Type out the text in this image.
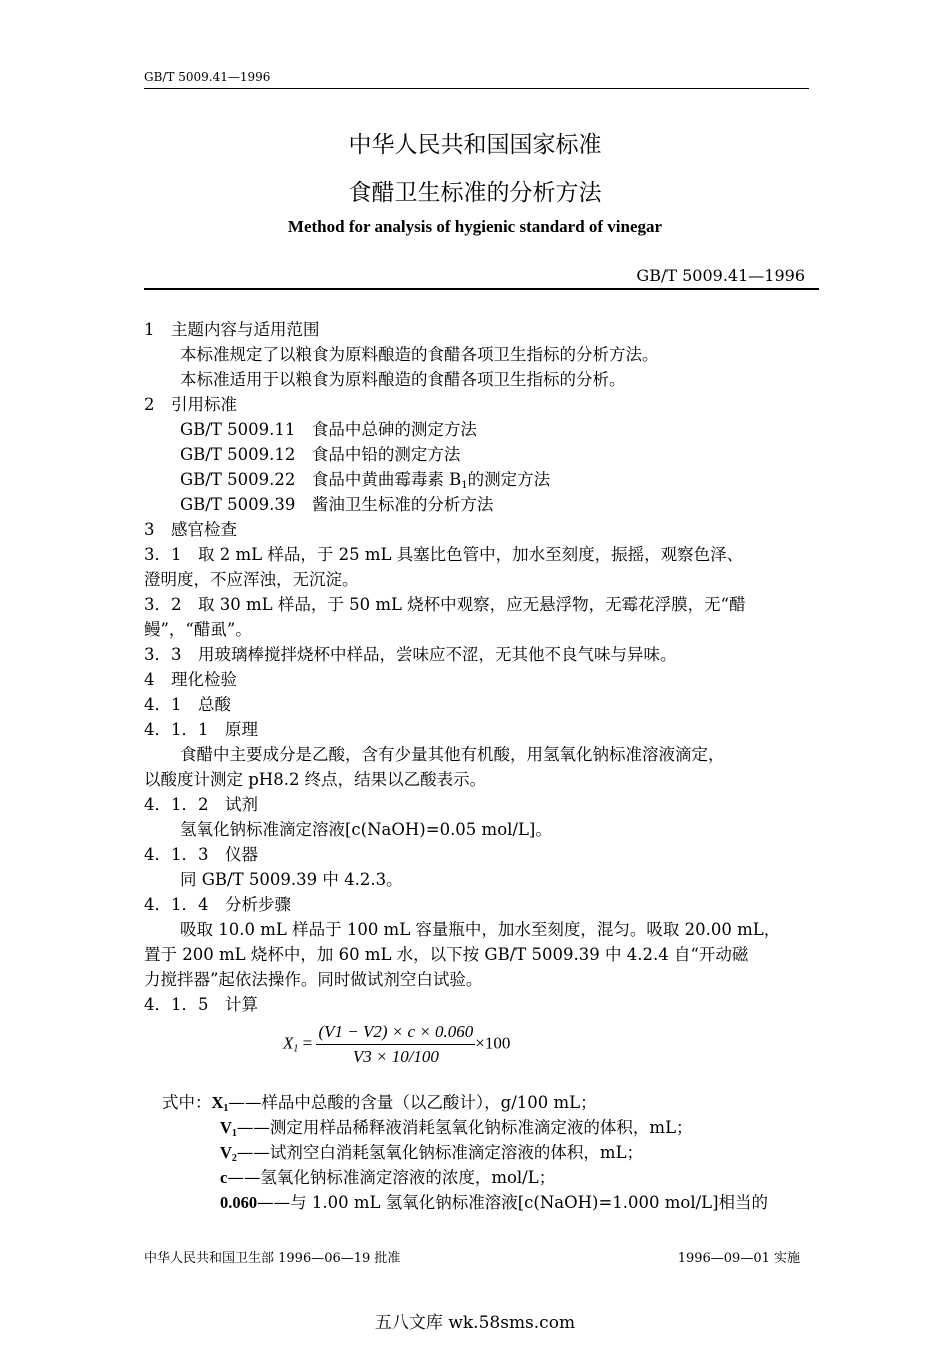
GB/T 5009.41—1996
中华人民共和国国家标准
食醋卫生标准的分析方法
Method for analysis of hygienic standard of vinegar
GB/T 5009.41—1996
1　主题内容与适用范围
本标准规定了以粮食为原料酿造的食醋各项卫生指标的分析方法。
本标准适用于以粮食为原料酿造的食醋各项卫生指标的分析。
2　引用标准
GB/T 5009.11　食品中总砷的测定方法
GB/T 5009.12　食品中铅的测定方法
GB/T 5009.22　食品中黄曲霉毒素 $B_1$的测定方法
GB/T 5009.39　酱油卫生标准的分析方法
3　感官检查
3．1　取 2 mL 样品，于 25 mL 具塞比色管中，加水至刻度，振摇，观察色泽、
澄明度，不应浑浊，无沉淀。
3．2　取 30 mL 样品，于 50 mL 烧杯中观察，应无悬浮物，无霉花浮膜，无“醋
鳗”，“醋虱”。
3．3　用玻璃棒搅拌烧杯中样品，尝味应不涩，无其他不良气味与异味。
4　理化检验
4．1　总酸
4．1．1　原理
食醋中主要成分是乙酸，含有少量其他有机酸，用氢氧化钠标准溶液滴定，
以酸度计测定 pH8.2 终点，结果以乙酸表示。
4．1．2　试剂
氢氧化钠标准滴定溶液[c(NaOH)=0.05 mol/L]。
4．1．3　仪器
同 GB/T 5009.39 中 4.2.3。
4．1．4　分析步骤
吸取 10.0 mL 样品于 100 mL 容量瓶中，加水至刻度，混匀。吸取 20.00 mL，
置于 200 mL 烧杯中，加 60 mL 水，以下按 GB/T 5009.39 中 4.2.4 自“开动磁
力搅拌器”起依法操作。同时做试剂空白试验。
4．1．5　计算
$X_1 = \frac{(V1 - V2) \times c \times 0.060}{V3 \times 10/100} \times 100$
式中：$X_1——$样品中总酸的含量（以乙酸计），g/100 mL；
$V_1——$测定用样品稀释液消耗氢氧化钠标准滴定液的体积，mL；
$V_2——$试剂空白消耗氢氧化钠标准滴定溶液的体积，mL；
c——氢氧化钠标准滴定溶液的浓度，mol/L；
0.060——与 1.00 mL 氢氧化钠标准溶液[c(NaOH)=1.000 mol/L]相当的
中华人民共和国卫生部 1996—06—19 批准	1996—09—01 实施
五八文库 wk.58sms.com
